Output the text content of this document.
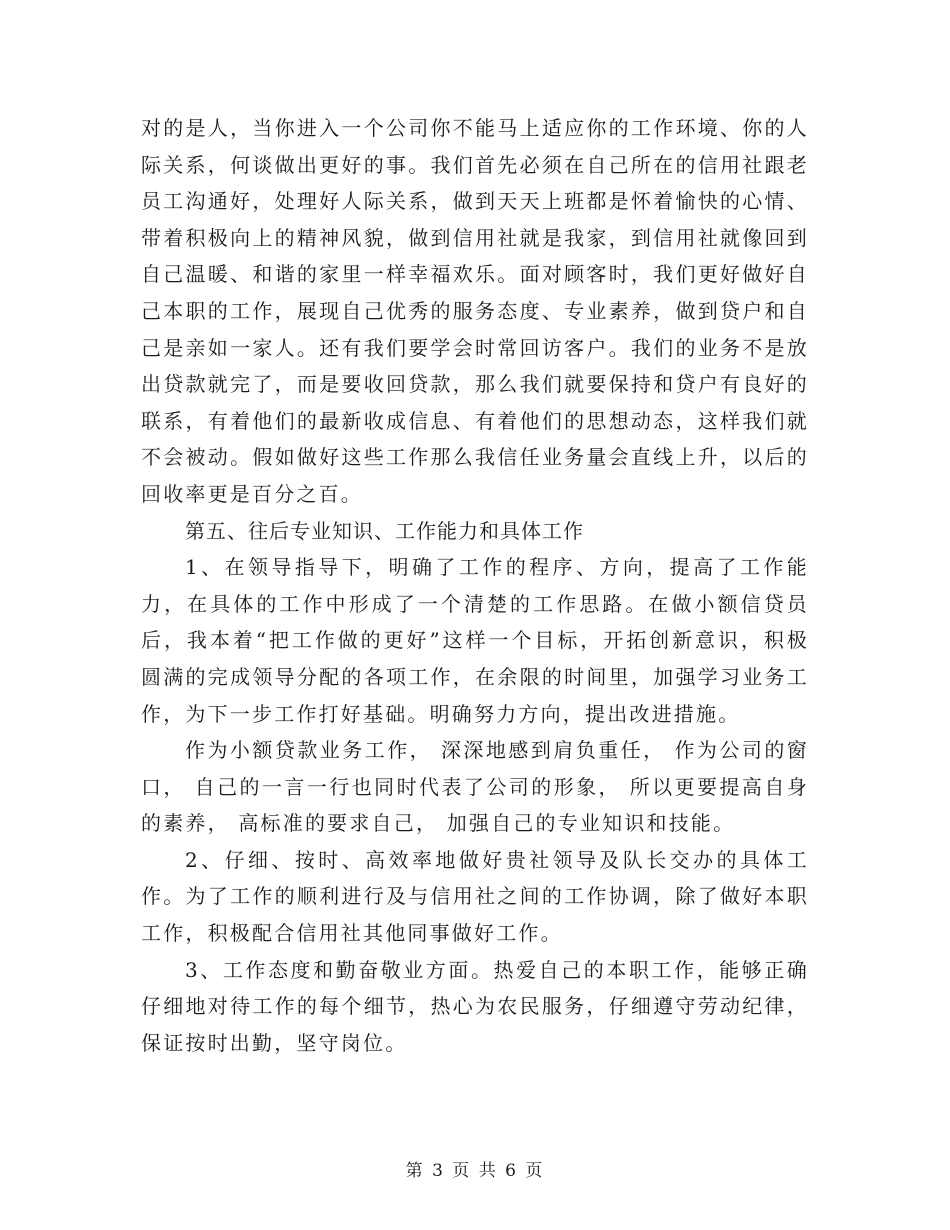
对的是人，当你进入一个公司你不能马上适应你的工作环境、你的人际关系，何谈做出更好的事。我们首先必须在自己所在的信用社跟老员工沟通好，处理好人际关系，做到天天上班都是怀着愉快的心情、带着积极向上的精神风貌，做到信用社就是我家，到信用社就像回到自己温暖、和谐的家里一样幸福欢乐。面对顾客时，我们更好做好自己本职的工作，展现自己优秀的服务态度、专业素养，做到贷户和自己是亲如一家人。还有我们要学会时常回访客户。我们的业务不是放出贷款就完了，而是要收回贷款，那么我们就要保持和贷户有良好的联系，有着他们的最新收成信息、有着他们的思想动态，这样我们就不会被动。假如做好这些工作那么我信任业务量会直线上升，以后的回收率更是百分之百。

第五、往后专业知识、工作能力和具体工作

1、在领导指导下，明确了工作的程序、方向，提高了工作能力，在具体的工作中形成了一个清楚的工作思路。在做小额信贷员后，我本着“把工作做的更好”这样一个目标，开拓创新意识，积极圆满的完成领导分配的各项工作，在余限的时间里，加强学习业务工作，为下一步工作打好基础。明确努力方向，提出改进措施。

作为小额贷款业务工作， 深深地感到肩负重任， 作为公司的窗口， 自己的一言一行也同时代表了公司的形象， 所以更要提高自身的素养， 高标准的要求自己， 加强自己的专业知识和技能。

2、仔细、按时、高效率地做好贵社领导及队长交办的具体工作。为了工作的顺利进行及与信用社之间的工作协调，除了做好本职工作，积极配合信用社其他同事做好工作。

3、工作态度和勤奋敬业方面。热爱自己的本职工作，能够正确仔细地对待工作的每个细节，热心为农民服务，仔细遵守劳动纪律，保证按时出勤，坚守岗位。

第 3 页 共 6 页
